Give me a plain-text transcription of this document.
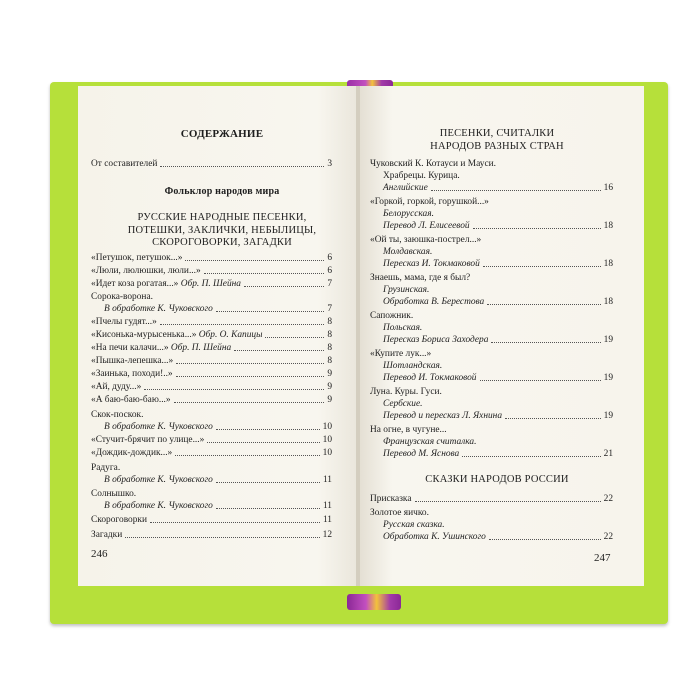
СОДЕРЖАНИЕ
От составителей	3
Фольклор народов мира
РУССКИЕ НАРОДНЫЕ ПЕСЕНКИ,
ПОТЕШКИ, ЗАКЛИЧКИ, НЕБЫЛИЦЫ,
СКОРОГОВОРКИ, ЗАГАДКИ
«Петушок, петушок...»	6
«Люли, люлюшки, люли...»	6
«Идет коза рогатая...»
Обр. П. Шейна	7
Сорока-ворона.
В обработке К. Чуковского	7
«Пчелы гудят...»	8
«Кисонька-мурысенька...»
Обр. О. Капицы	8
«На печи калачи...»
Обр. П. Шейна	8
«Пышка-лепешка...»	8
«Заинька, походи!..»	9
«Ай, дуду...»	9
«А баю-баю-баю...»	9
Скок-поскок.
В обработке К. Чуковского	10
«Стучит-брячит по улице...»	10
«Дождик-дождик...»	10
Радуга.
В обработке К. Чуковского	11
Солнышко.
В обработке К. Чуковского	11
Скороговорки	11
Загадки	12
246
ПЕСЕНКИ, СЧИТАЛКИ
НАРОДОВ РАЗНЫХ СТРАН
Чуковский К. Котауси и Мауси.
Храбрецы. Курица.
Английские	16
«Горкой, горкой, горушкой...»
Белорусская.
Перевод Л. Елисеевой	18
«Ой ты, заюшка-пострел...»
Молдавская.
Пересказ И. Токмаковой	18
Знаешь, мама, где я был?
Грузинская.
Обработка В. Берестова	18
Сапожник.
Польская.
Пересказ Бориса Заходера	19
«Купите лук...»
Шотландская.
Перевод И. Токмаковой	19
Луна. Куры. Гуси.
Сербские.
Перевод и пересказ Л. Яхнина	19
На огне, в чугуне...
Французская считалка.
Перевод М. Яснова	21
СКАЗКИ НАРОДОВ РОССИИ
Присказка	22
Золотое яичко.
Русская сказка.
Обработка К. Ушинского	22
247
